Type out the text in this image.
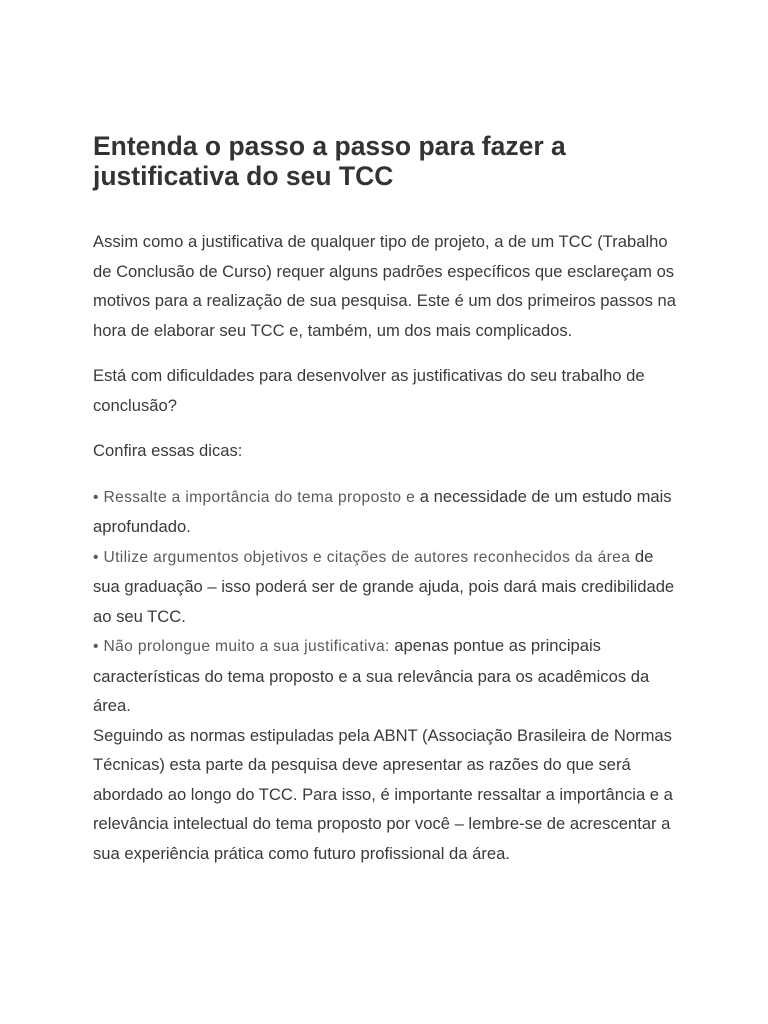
Entenda o passo a passo para fazer a justificativa do seu TCC

Assim como a justificativa de qualquer tipo de projeto, a de um TCC (Trabalho de Conclusão de Curso) requer alguns padrões específicos que esclareçam os motivos para a realização de sua pesquisa. Este é um dos primeiros passos na hora de elaborar seu TCC e, também, um dos mais complicados.

Está com dificuldades para desenvolver as justificativas do seu trabalho de conclusão?

Confira essas dicas:

• Ressalte a importância do tema proposto e a necessidade de um estudo mais aprofundado.
• Utilize argumentos objetivos e citações de autores reconhecidos da área de sua graduação – isso poderá ser de grande ajuda, pois dará mais credibilidade ao seu TCC.
• Não prolongue muito a sua justificativa: apenas pontue as principais características do tema proposto e a sua relevância para os acadêmicos da área.
Seguindo as normas estipuladas pela ABNT (Associação Brasileira de Normas Técnicas) esta parte da pesquisa deve apresentar as razões do que será abordado ao longo do TCC. Para isso, é importante ressaltar a importância e a relevância intelectual do tema proposto por você – lembre-se de acrescentar a sua experiência prática como futuro profissional da área.
